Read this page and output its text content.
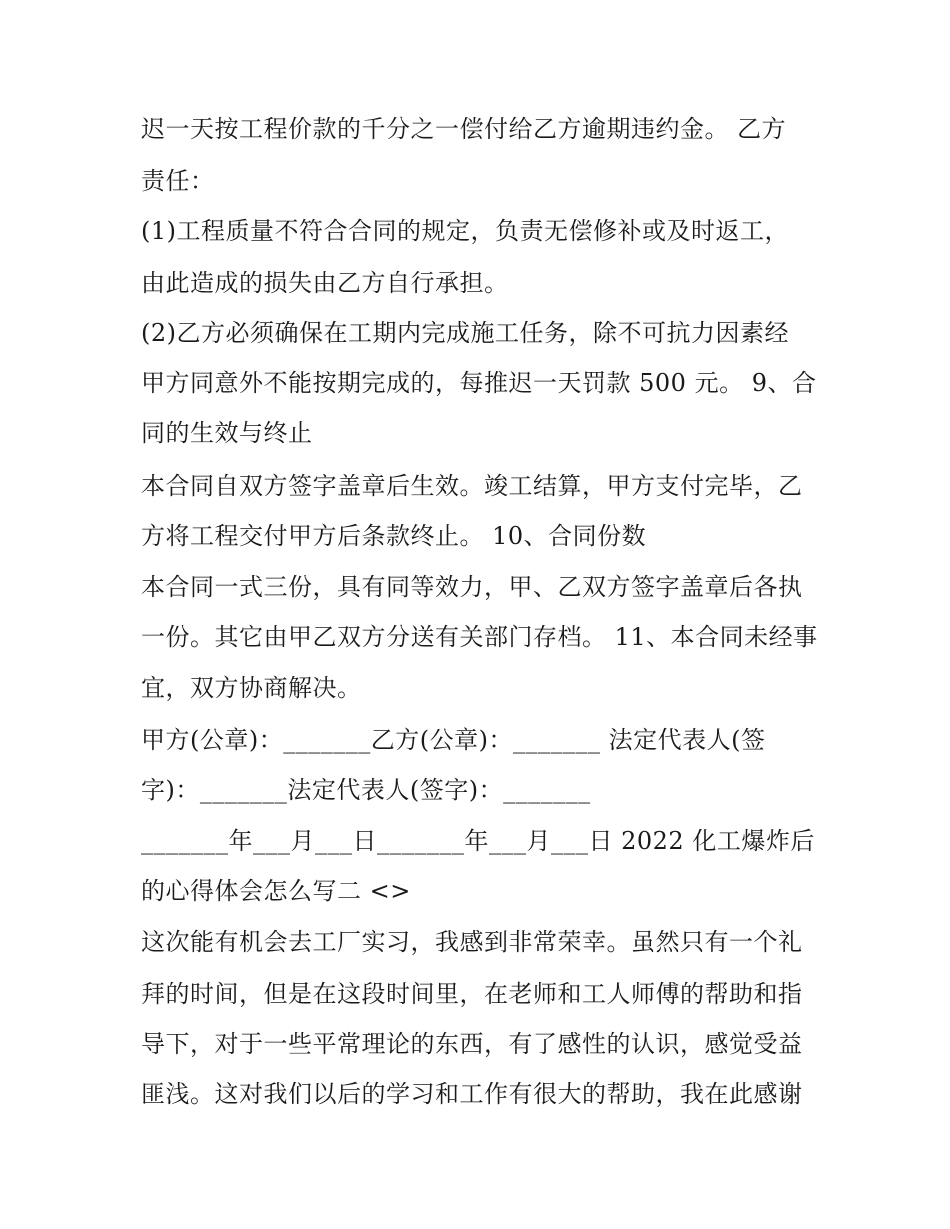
迟一天按工程价款的千分之一偿付给乙方逾期违约金。 乙方
责任：
(1)工程质量不符合合同的规定，负责无偿修补或及时返工，
由此造成的损失由乙方自行承担。
(2)乙方必须确保在工期内完成施工任务，除不可抗力因素经
甲方同意外不能按期完成的，每推迟一天罚款 500 元。 9、合
同的生效与终止
本合同自双方签字盖章后生效。竣工结算，甲方支付完毕，乙
方将工程交付甲方后条款终止。 10、合同份数
本合同一式三份，具有同等效力，甲、乙双方签字盖章后各执
一份。其它由甲乙双方分送有关部门存档。 11、本合同未经事
宜，双方协商解决。
甲方(公章)：_______乙方(公章)：_______ 法定代表人(签
字)：_______法定代表人(签字)：_______
_______年___月___日_______年___月___日 2022 化工爆炸后
的心得体会怎么写二 <>
这次能有机会去工厂实习，我感到非常荣幸。虽然只有一个礼
拜的时间，但是在这段时间里，在老师和工人师傅的帮助和指
导下，对于一些平常理论的东西，有了感性的认识，感觉受益
匪浅。这对我们以后的学习和工作有很大的帮助，我在此感谢
